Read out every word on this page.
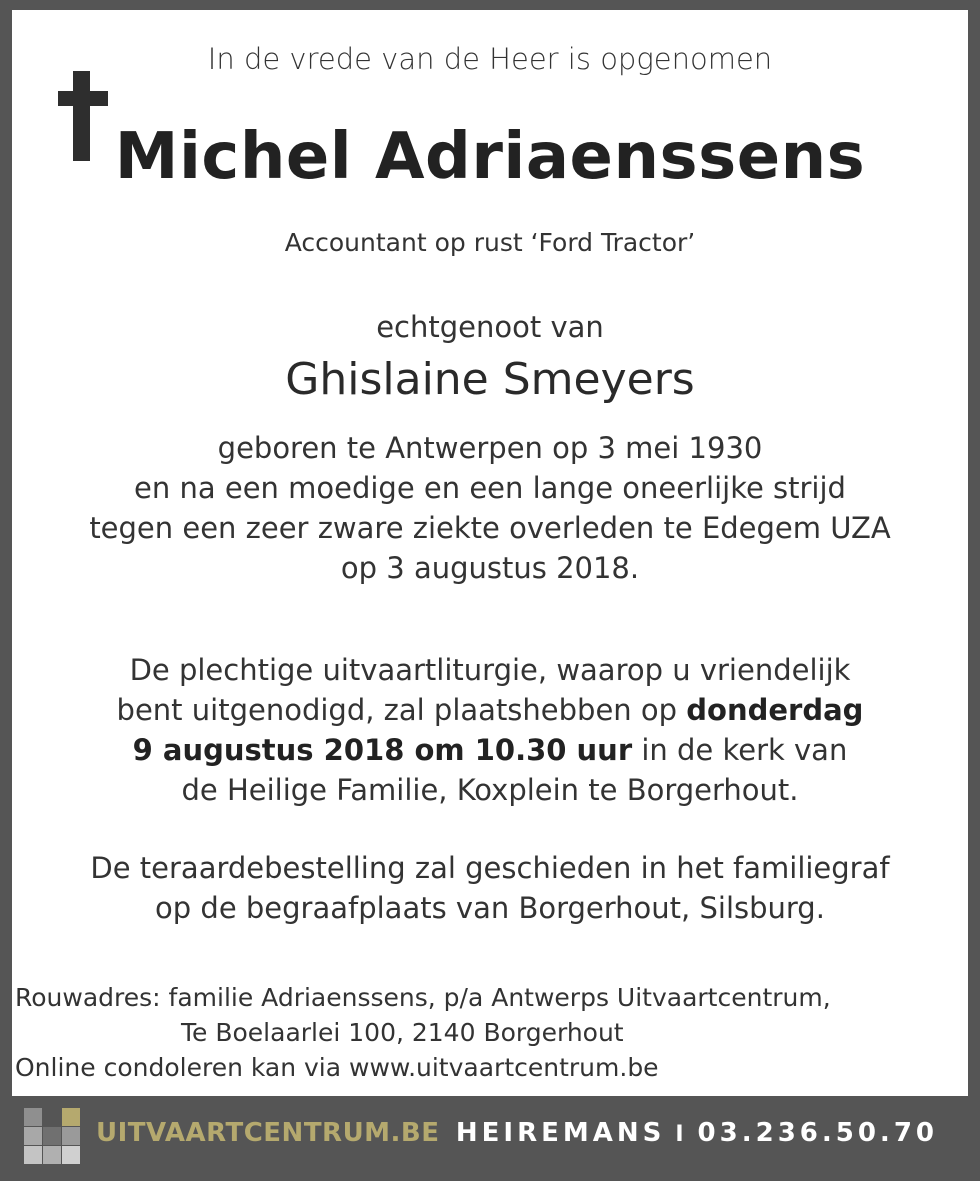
In de vrede van de Heer is opgenomen
Michel Adriaenssens
Accountant op rust ‘Ford Tractor’
echtgenoot van
Ghislaine Smeyers
geboren te Antwerpen op 3 mei 1930
en na een moedige en een lange oneerlijke strijd
tegen een zeer zware ziekte overleden te Edegem UZA
op 3 augustus 2018.
De plechtige uitvaartliturgie, waarop u vriendelijk
bent uitgenodigd, zal plaatshebben op donderdag
9 augustus 2018 om 10.30 uur in de kerk van
de Heilige Familie, Koxplein te Borgerhout.
De teraardebestelling zal geschieden in het familiegraf
op de begraafplaats van Borgerhout, Silsburg.
Rouwadres: familie Adriaenssens, p/a Antwerps Uitvaartcentrum,
Te Boelaarlei 100, 2140 Borgerhout
Online condoleren kan via www.uitvaartcentrum.be
UITVAARTCENTRUM.BE HEIREMANS I 03.236.50.70
